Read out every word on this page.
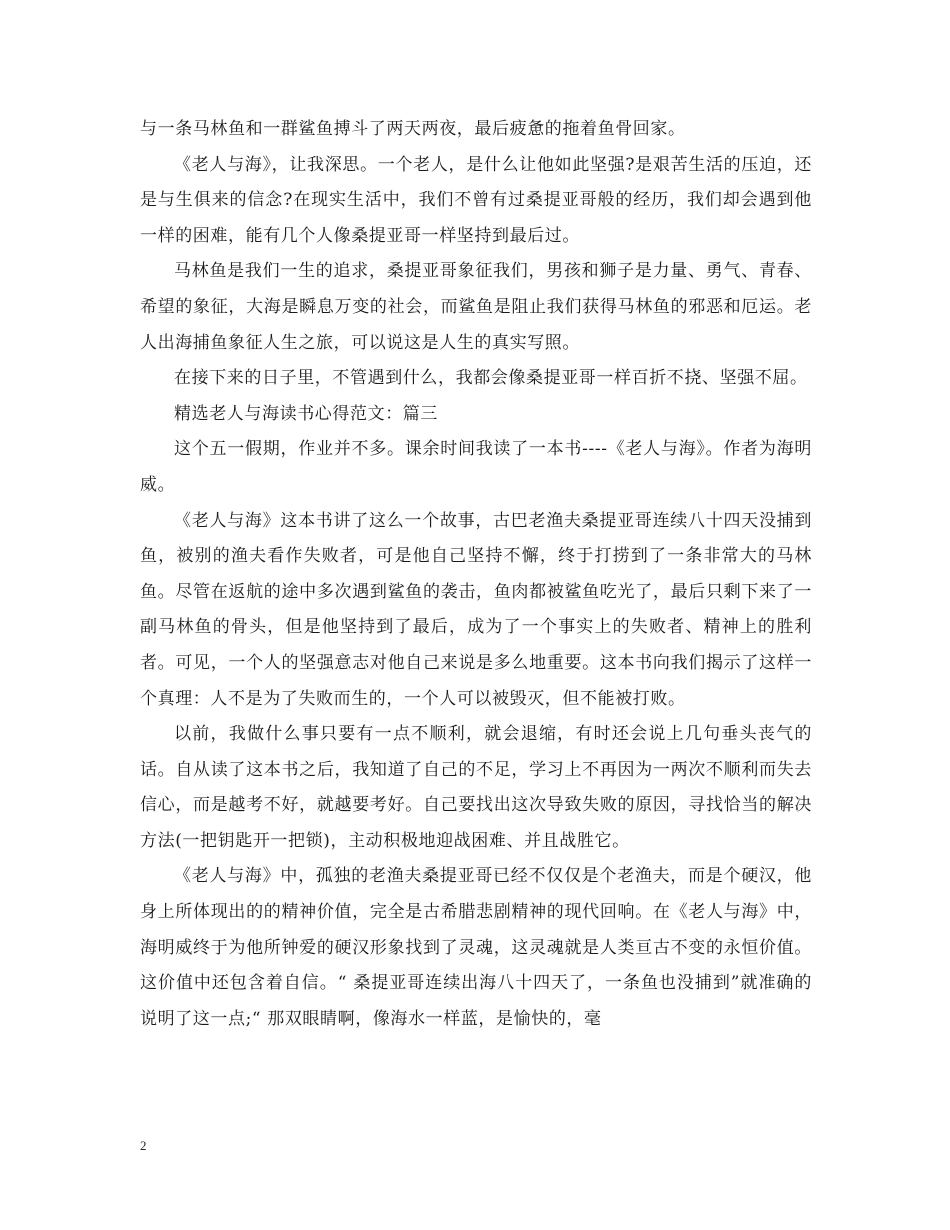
与一条马林鱼和一群鲨鱼搏斗了两天两夜，最后疲惫的拖着鱼骨回家。

《老人与海》，让我深思。一个老人，是什么让他如此坚强?是艰苦生活的压迫，还是与生俱来的信念?在现实生活中，我们不曾有过桑提亚哥般的经历，我们却会遇到他一样的困难，能有几个人像桑提亚哥一样坚持到最后过。

马林鱼是我们一生的追求，桑提亚哥象征我们，男孩和狮子是力量、勇气、青春、希望的象征，大海是瞬息万变的社会，而鲨鱼是阻止我们获得马林鱼的邪恶和厄运。老人出海捕鱼象征人生之旅，可以说这是人生的真实写照。

在接下来的日子里，不管遇到什么，我都会像桑提亚哥一样百折不挠、坚强不屈。

精选老人与海读书心得范文：篇三

这个五一假期，作业并不多。课余时间我读了一本书----《老人与海》。作者为海明威。

《老人与海》这本书讲了这么一个故事，古巴老渔夫桑提亚哥连续八十四天没捕到鱼，被别的渔夫看作失败者，可是他自己坚持不懈，终于打捞到了一条非常大的马林鱼。尽管在返航的途中多次遇到鲨鱼的袭击，鱼肉都被鲨鱼吃光了，最后只剩下来了一副马林鱼的骨头，但是他坚持到了最后，成为了一个事实上的失败者、精神上的胜利者。可见，一个人的坚强意志对他自己来说是多么地重要。这本书向我们揭示了这样一个真理：人不是为了失败而生的，一个人可以被毁灭，但不能被打败。

以前，我做什么事只要有一点不顺利，就会退缩，有时还会说上几句垂头丧气的话。自从读了这本书之后，我知道了自己的不足，学习上不再因为一两次不顺利而失去信心，而是越考不好，就越要考好。自己要找出这次导致失败的原因，寻找恰当的解决方法(一把钥匙开一把锁)，主动积极地迎战困难、并且战胜它。

《老人与海》中，孤独的老渔夫桑提亚哥已经不仅仅是个老渔夫，而是个硬汉，他身上所体现出的的精神价值，完全是古希腊悲剧精神的现代回响。在《老人与海》中，海明威终于为他所钟爱的硬汉形象找到了灵魂，这灵魂就是人类亘古不变的永恒价值。这价值中还包含着自信。“ 桑提亚哥连续出海八十四天了，一条鱼也没捕到”就准确的说明了这一点;“ 那双眼睛啊，像海水一样蓝，是愉快的，毫

2
